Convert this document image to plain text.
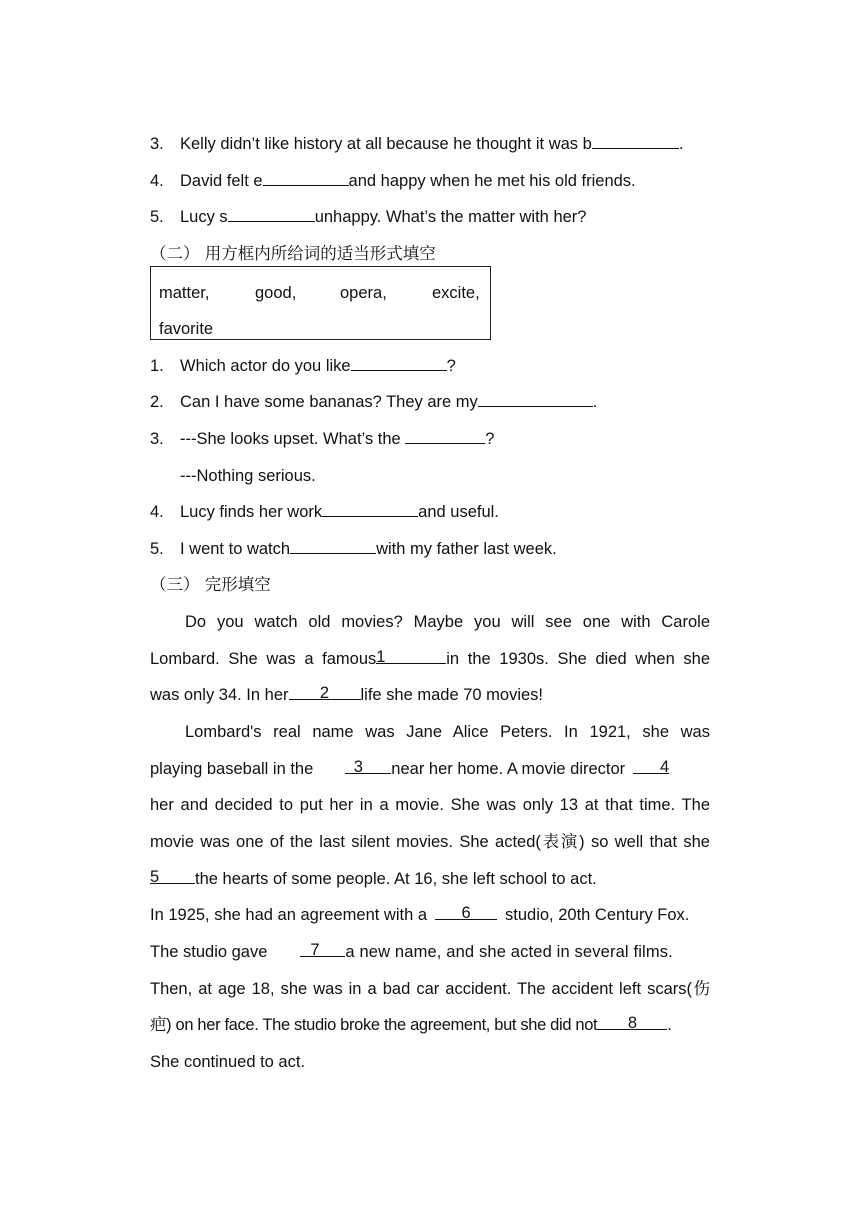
3. Kelly didn’t like history at all because he thought it was b	.
4. David felt e	and happy when he met his old friends.
5. Lucy s	unhappy. What’s the matter with her?
（二） 用方框内所给词的适当形式填空
matter,	good,	opera,	excite,
favorite
1. Which actor do you like	?
2. Can I have some bananas? They are my	.
3. ---She looks upset. What’s the	?
---Nothing serious.
4. Lucy finds her work	and useful.
5. I went to watch	with my father last week.
（三） 完形填空
Do you watch old movies? Maybe you will see one with Carole
Lombard. She was a famous1	in the 1930s. She died when she
was only 34. In her 2 life she made 70 movies!
Lombard's real name was Jane Alice Peters. In 1921, she was
playing baseball in the 3 near her home. A movie director 4
her and decided to put her in a movie. She was only 13 at that time. The
movie was one of the last silent movies. She acted(表演) so well that she
5 the hearts of some people. At 16, she left school to act.
In 1925, she had an agreement with a 6 studio, 20th Century Fox.
The studio gave	7 a new name, and she acted in several films.
Then, at age 18, she was in a bad car accident. The accident left scars(伤
疤) on her face. The studio broke the agreement, but she did not 8 .
She continued to act.
